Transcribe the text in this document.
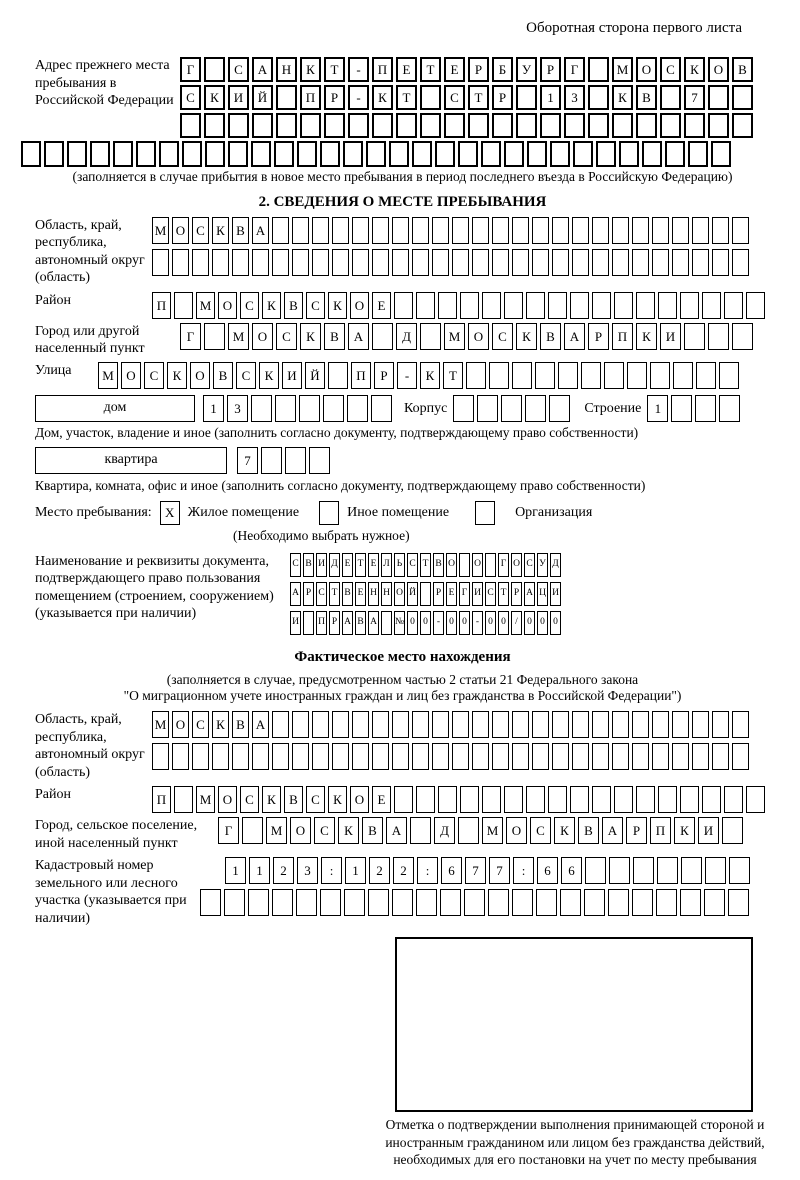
Оборотная сторона первого листа
Адрес прежнего места пребывания в Российской Федерации
Г	С	А	Н	К	Т	-	П	Е	Т	Е	Р	Б	У	Р	Г	М	О	С	К	О	В
С	К	И	Й	П	Р	-	К	Т	С	Т	Р	1	3	К	В	7
(заполняется в случае прибытия в новое место пребывания в период последнего въезда в Российскую Федерацию)
2. СВЕДЕНИЯ О МЕСТЕ ПРЕБЫВАНИЯ
Область, край, республика, автономный округ (область)
М О С К В А
Район	П	М О С	К	В	С	К О	Е
Город или другой населенный пункт
Г	М	О	С	К	В	А	Д	М	О	С	К	В	А	Р	П	К	И
Улица	М О	С	К	О	В	С	К	И	Й	П	Р	-	К	Т
дом	1	3	Корпус	Строение	1
Дом, участок, владение и иное (заполнить согласно документу, подтверждающему право собственности)
квартира	7
Квартира, комната, офис и иное (заполнить согласно документу, подтверждающему право собственности)
Место пребывания:	X Жилое помещение	Иное помещение	Организация
(Необходимо выбрать нужное)
Наименование и реквизиты документа, подтверждающего право пользования помещением (строением, сооружением) (указывается при наличии)
С В И Д Е Т Е Л Ь С Т В О О Г О С У Д
А Р С Т В Е Н Н О Й Р Е Г И С Т Р А Ц И
И П Р А В А № 0 0 - 0 0 - 0 0 / 0 0 0
Фактическое место нахождения
(заполняется в случае, предусмотренном частью 2 статьи 21 Федерального закона
"О миграционном учете иностранных граждан и лиц без гражданства в Российской Федерации")
Область, край, республика, автономный округ (область)
М О С К В А
Район	П	М О С	К	В	С	К О	Е
Город, сельское поселение, иной населенный пункт
Г	М	О	С	К	В	А	Д	М	О	С	К	В	А	Р	П	К	И
Кадастровый номер земельного или лесного участка (указывается при наличии)
1	1	2	3	:	1	2	2	:	6	7	7	:	6	6
Отметка о подтверждении выполнения принимающей стороной и иностранным гражданином или лицом без гражданства действий, необходимых для его постановки на учет по месту пребывания
